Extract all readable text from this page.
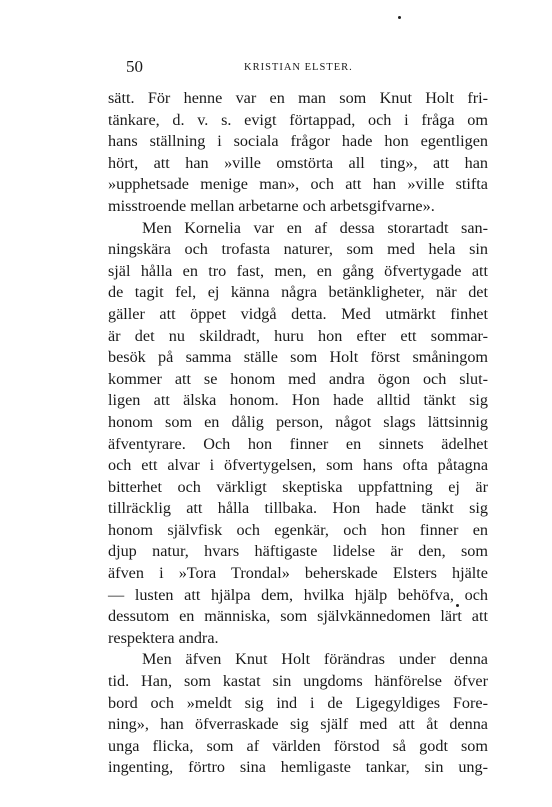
50	KRISTIAN ELSTER.
sätt. För henne var en man som Knut Holt fri-
tänkare, d. v. s. evigt förtappad, och i fråga om
hans ställning i sociala frågor hade hon egentligen
hört, att han »ville omstörta all ting», att han
»upphetsade menige man», och att han »ville stifta
misstroende mellan arbetarne och arbetsgifvarne».
Men Kornelia var en af dessa storartadt san-
ningskära och trofasta naturer, som med hela sin
själ hålla en tro fast, men, en gång öfvertygade att
de tagit fel, ej känna några betänkligheter, när det
gäller att öppet vidgå detta. Med utmärkt finhet
är det nu skildradt, huru hon efter ett sommar-
besök på samma ställe som Holt först småningom
kommer att se honom med andra ögon och slut-
ligen att älska honom. Hon hade alltid tänkt sig
honom som en dålig person, något slags lättsinnig
äfventyrare. Och hon finner en sinnets ädelhet
och ett alvar i öfvertygelsen, som hans ofta påtagna
bitterhet och värkligt skeptiska uppfattning ej är
tillräcklig att hålla tillbaka. Hon hade tänkt sig
honom självfisk och egenkär, och hon finner en
djup natur, hvars häftigaste lidelse är den, som
äfven i »Tora Trondal» beherskade Elsters hjälte
— lusten att hjälpa dem, hvilka hjälp behöfva, och
dessutom en människa, som självkännedomen lärt att
respektera andra.
Men äfven Knut Holt förändras under denna
tid. Han, som kastat sin ungdoms hänförelse öfver
bord och »meldt sig ind i de Ligegyldiges Fore-
ning», han öfverraskade sig själf med att åt denna
unga flicka, som af världen förstod så godt som
ingenting, förtro sina hemligaste tankar, sin ung-
